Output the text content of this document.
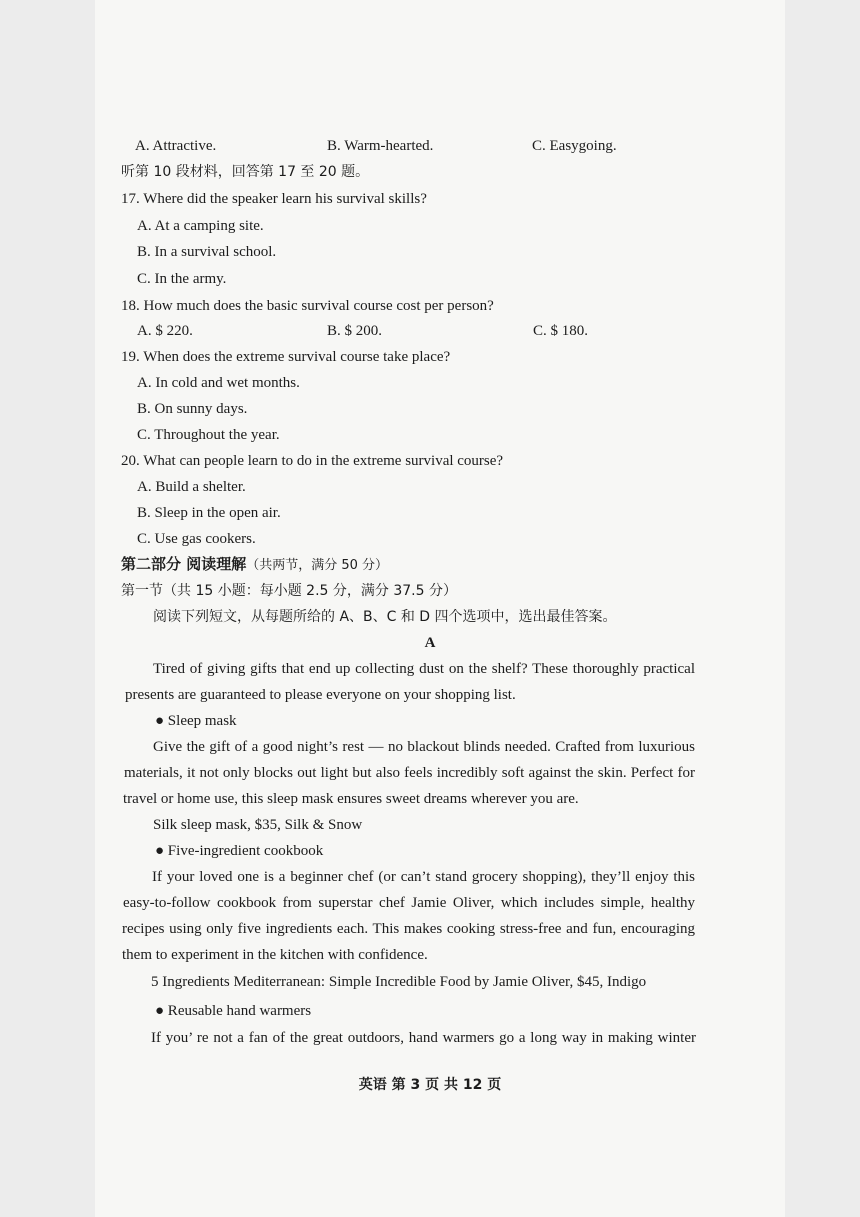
A. Attractive.	B. Warm-hearted.	C. Easygoing.
听第 10 段材料，回答第 17 至 20 题。
17. Where did the speaker learn his survival skills?
A. At a camping site.
B. In a survival school.
C. In the army.
18. How much does the basic survival course cost per person?
A. $ 220.	B. $ 200.	C. $ 180.
19. When does the extreme survival course take place?
A. In cold and wet months.
B. On sunny days.
C. Throughout the year.
20. What can people learn to do in the extreme survival course?
A. Build a shelter.
B. Sleep in the open air.
C. Use gas cookers.
第二部分 阅读理解（共两节，满分 50 分）
第一节（共 15 小题：每小题 2.5 分，满分 37.5 分）
阅读下列短文，从每题所给的 A、B、C 和 D 四个选项中，选出最佳答案。
A
Tired of giving gifts that end up collecting dust on the shelf? These thoroughly practical
presents are guaranteed to please everyone on your shopping list.
● Sleep mask
Give the gift of a good night’s rest — no blackout blinds needed. Crafted from luxurious
materials, it not only blocks out light but also feels incredibly soft against the skin. Perfect for
travel or home use, this sleep mask ensures sweet dreams wherever you are.
Silk sleep mask, $35, Silk & Snow
● Five-ingredient cookbook
If your loved one is a beginner chef (or can’t stand grocery shopping), they’ll enjoy this
easy-to-follow cookbook from superstar chef Jamie Oliver, which includes simple, healthy
recipes using only five ingredients each. This makes cooking stress-free and fun, encouraging
them to experiment in the kitchen with confidence.
5 Ingredients Mediterranean: Simple Incredible Food by Jamie Oliver, $45, Indigo
● Reusable hand warmers
If you’ re not a fan of the great outdoors, hand warmers go a long way in making winter
英语 第 3 页 共 12 页
